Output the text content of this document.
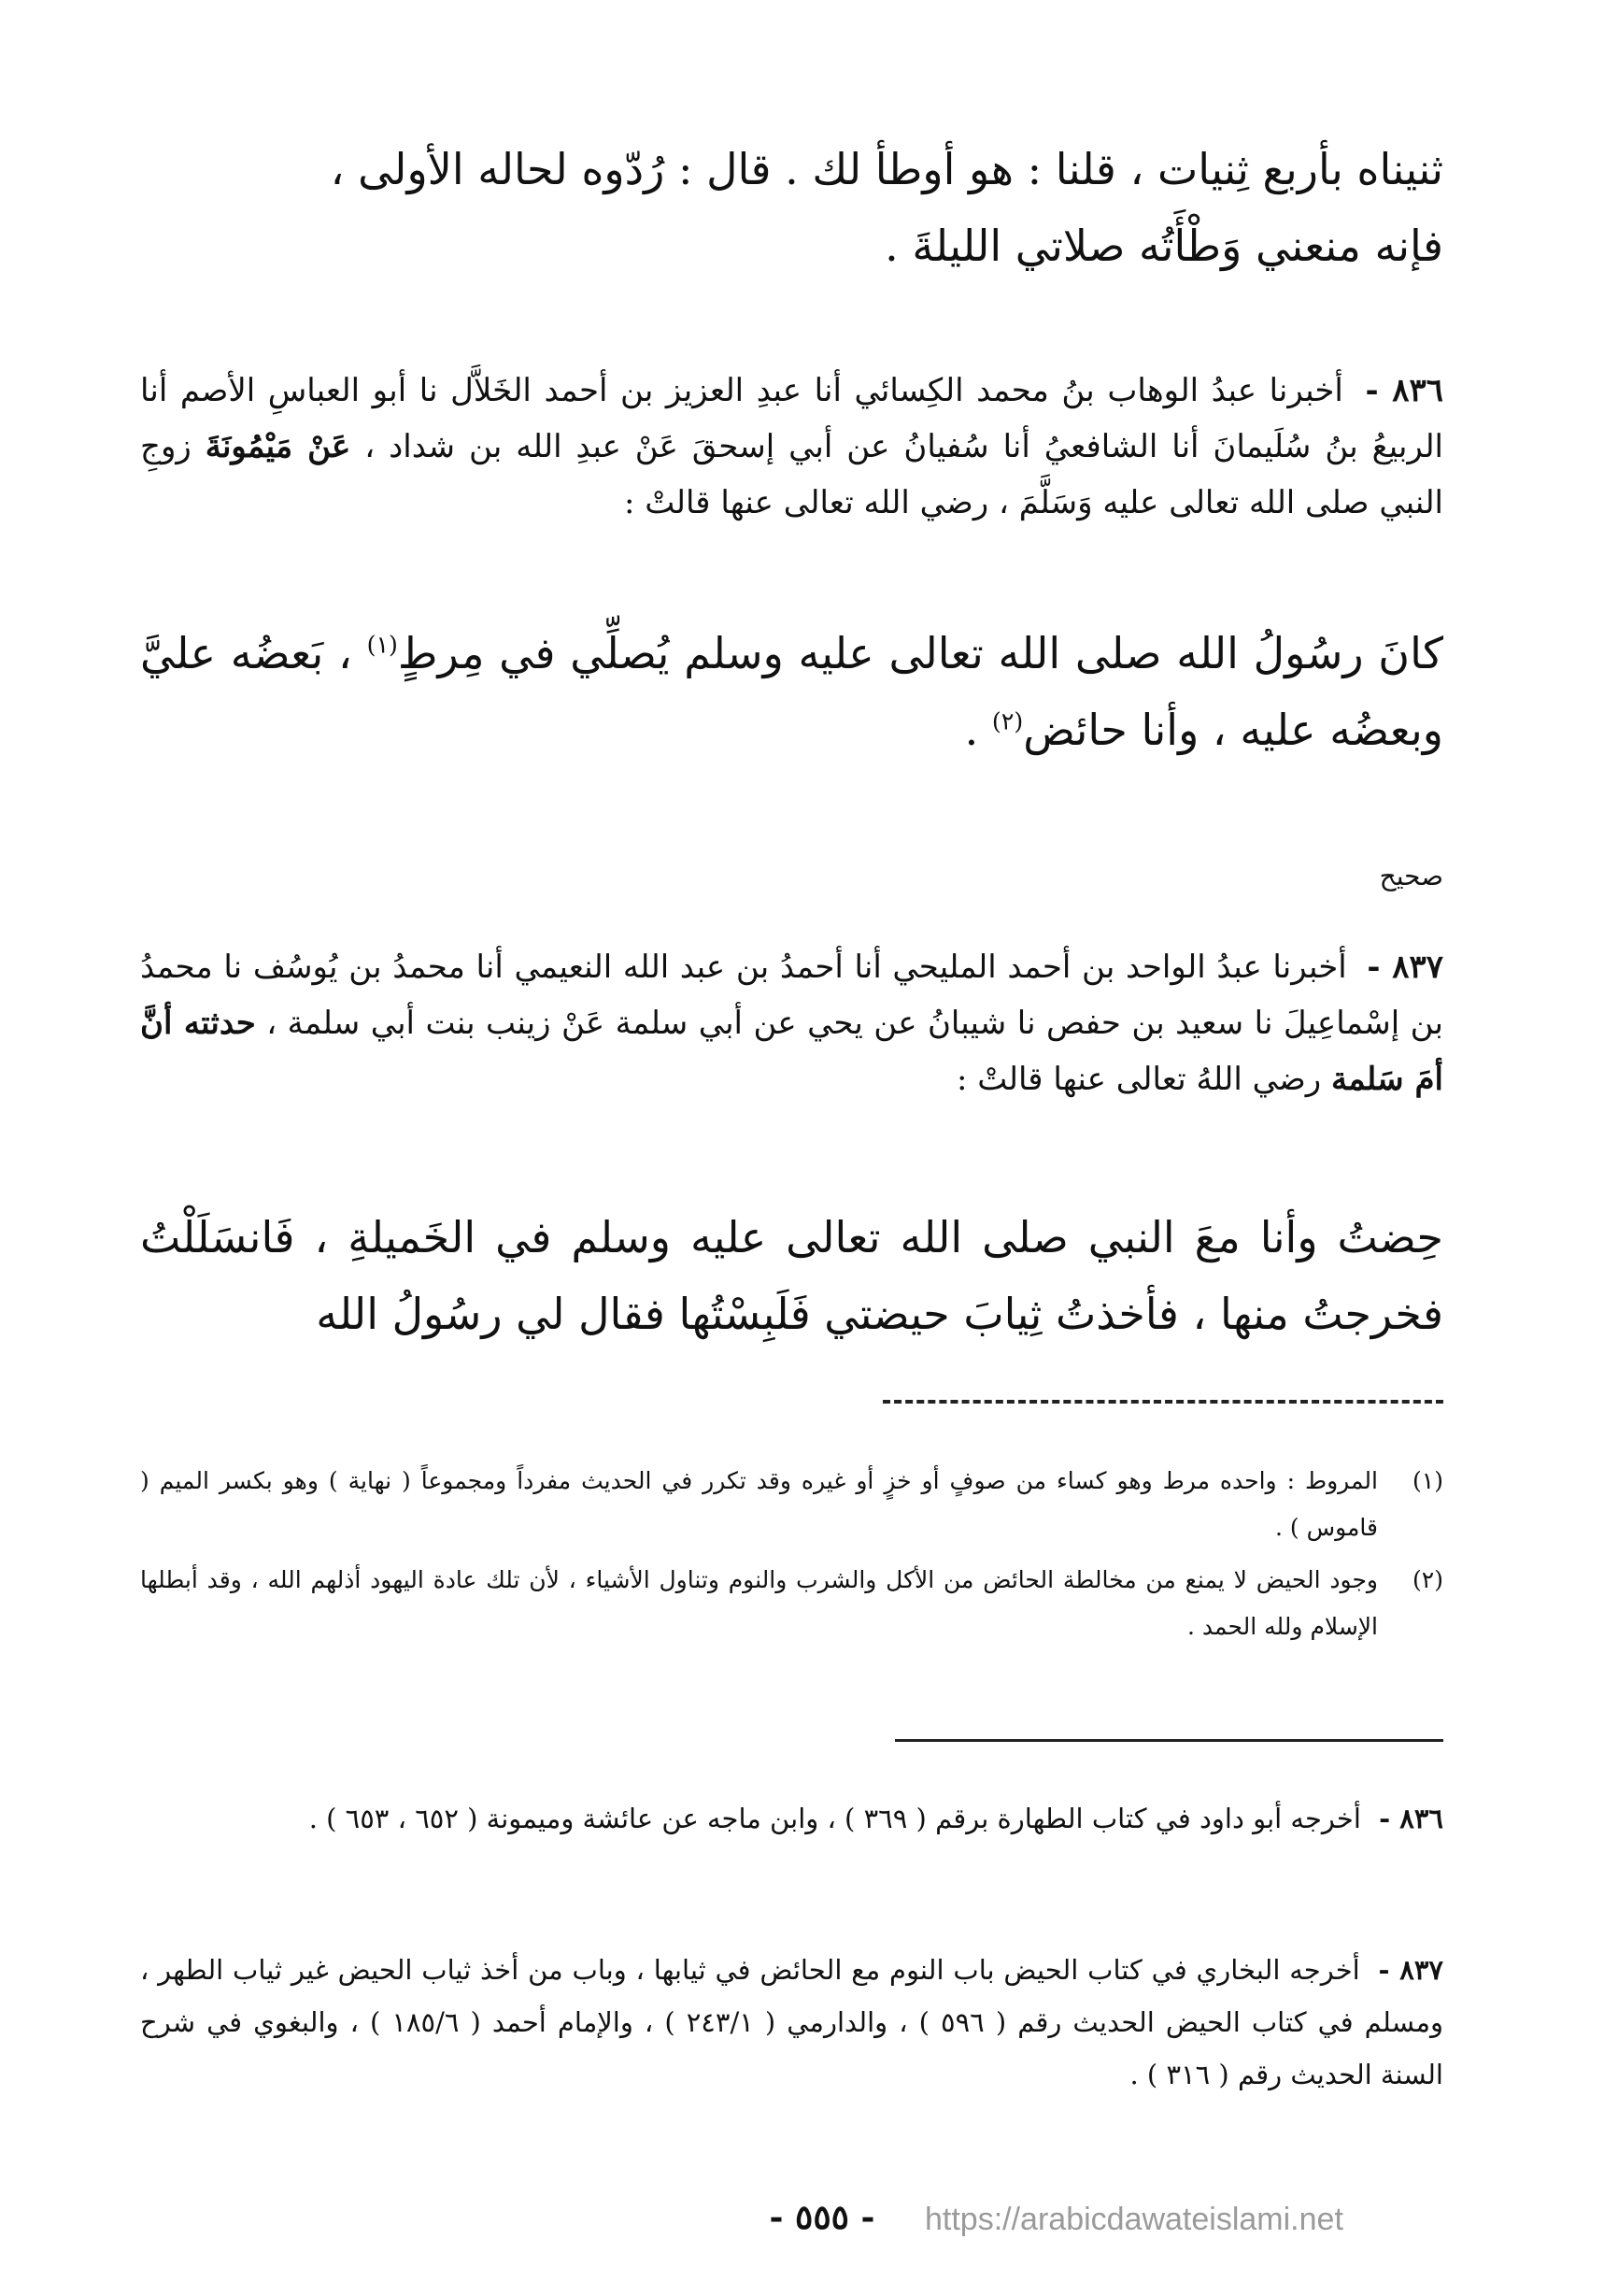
ثنيناه بأربع ثِنيات ، قلنا : هو أوطأ لك . قال : رُدّوه لحاله الأولى ،
فإنه منعني وَطْأَتُه صلاتي الليلةَ .

٨٣٦ - أخبرنا عبدُ الوهاب بنُ محمد الكِسائي أنا عبدِ العزيز بن أحمد الخَلاَّل نا أبو العباسِ الأصم أنا الربيعُ بنُ سُلَيمانَ أنا الشافعيُ أنا سُفيانُ عن أبي إسحقَ عَنْ عبدِ الله بن شداد ، عَنْ مَيْمُونَةَ زوجِ النبي صلى الله تعالى عليه وَسَلَّمَ ، رضي الله تعالى عنها قالتْ :

كانَ رسُولُ الله صلى الله تعالى عليه وسلم يُصلِّي في مِرطٍ$^{(١)}$ ، بَعضُه عليَّ وبعضُه عليه ، وأنا حائض$^{(٢)}$ .

صحيح

٨٣٧ - أخبرنا عبدُ الواحد بن أحمد المليحي أنا أحمدُ بن عبد الله النعيمي أنا محمدُ بن يُوسُف نا محمدُ بن إسْماعِيلَ نا سعيد بن حفص نا شيبانُ عن يحي عن أبي سلمة عَنْ زينب بنت أبي سلمة ، حدثته أنَّ أمَ سَلمة رضي اللهُ تعالى عنها قالتْ :

حِضتُ وأنا معَ النبي صلى الله تعالى عليه وسلم في الخَميلةِ ، فَانسَلَلْتُ فخرجتُ منها ، فأخذتُ ثِيابَ حيضتي فَلَبِسْتُها فقال لي رسُولُ الله

(١)
المروط : واحده مرط وهو كساء من صوفٍ أو خزٍ أو غيره وقد تكرر في الحديث مفرداً ومجموعاً ( نهاية ) وهو بكسر الميم ( قاموس ) .
(٢)
وجود الحيض لا يمنع من مخالطة الحائض من الأكل والشرب والنوم وتناول الأشياء ، لأن تلك عادة اليهود أذلهم الله ، وقد أبطلها الإسلام ولله الحمد .

٨٣٦ - أخرجه أبو داود في كتاب الطهارة برقم ( ٣٦٩ ) ، وابن ماجه عن عائشة وميمونة ( ٦٥٢ ، ٦٥٣ ) .

٨٣٧ - أخرجه البخاري في كتاب الحيض باب النوم مع الحائض في ثيابها ، وباب من أخذ ثياب الحيض غير ثياب الطهر ، ومسلم في كتاب الحيض الحديث رقم ( ٥٩٦ ) ، والدارمي ( ٢٤٣/١ ) ، والإمام أحمد ( ١٨٥/٦ ) ، والبغوي في شرح السنة الحديث رقم ( ٣١٦ ) .

- ٥٥٥ -	https://arabicdawateislami.net
